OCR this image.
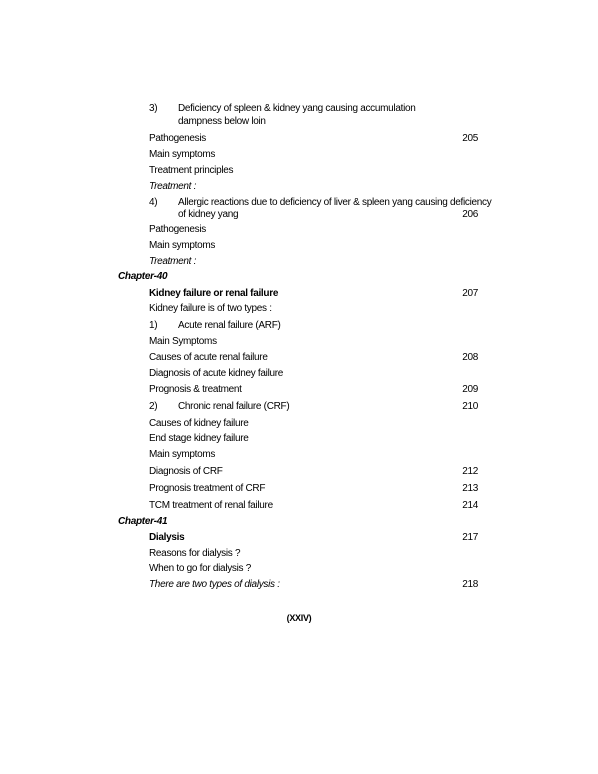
3) Deficiency of spleen & kidney yang causing accumulation
dampness below loin
Pathogenesis	205
Main symptoms
Treatment principles
Treatment :
4) Allergic reactions due to deficiency of liver & spleen yang causing deficiency
of kidney yang	206
Pathogenesis
Main symptoms
Treatment :
Chapter-40
Kidney failure or renal failure	207
Kidney failure is of two types :
1) Acute renal failure (ARF)
Main Symptoms
Causes of acute renal failure	208
Diagnosis of acute kidney failure
Prognosis & treatment	209
2) Chronic renal failure (CRF)	210
Causes of kidney failure
End stage kidney failure
Main symptoms
Diagnosis of CRF	212
Prognosis treatment of CRF	213
TCM treatment of renal failure	214
Chapter-41
Dialysis	217
Reasons for dialysis ?
When to go for dialysis ?
There are two types of dialysis :	218
(XXIV)
